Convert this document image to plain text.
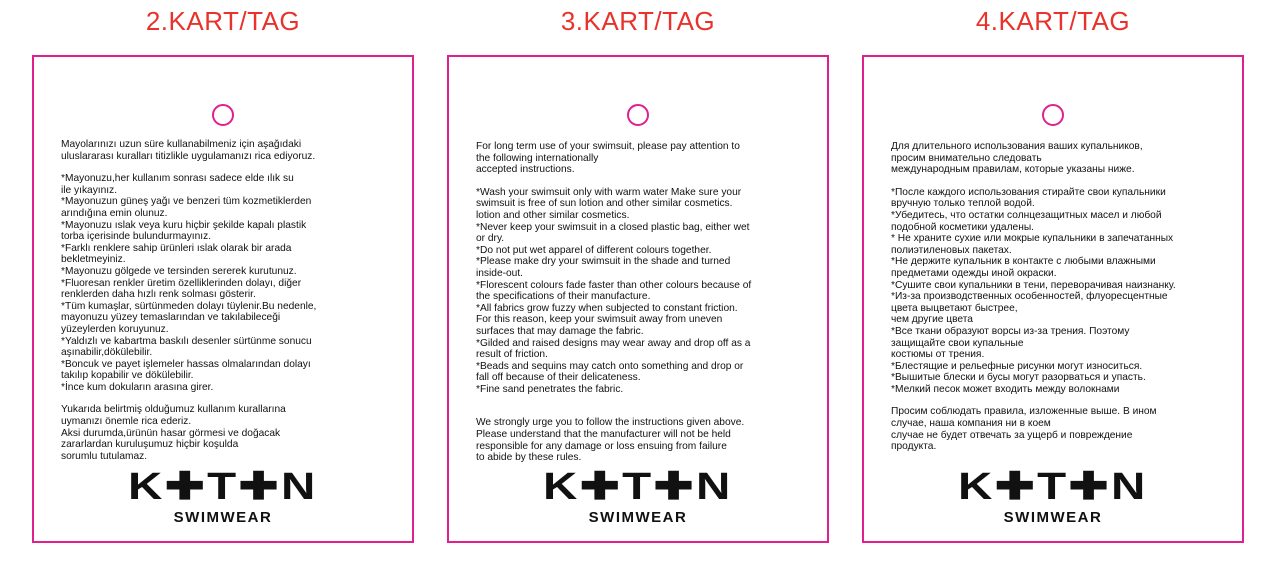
2.KART/TAG

Mayolarınızı uzun süre kullanabilmeniz için aşağıdaki
uluslararası kuralları titizlikle uygulamanızı rica ediyoruz.

*Mayonuzu,her kullanım sonrası sadece elde ılık su
ile yıkayınız.
*Mayonuzun güneş yağı ve benzeri tüm kozmetiklerden
arındığına emin olunuz.
*Mayonuzu ıslak veya kuru hiçbir şekilde kapalı plastik
torba içerisinde bulundurmayınız.
*Farklı renklere sahip ürünleri ıslak olarak bir arada
bekletmeyiniz.
*Mayonuzu gölgede ve tersinden sererek kurutunuz.
*Fluoresan renkler üretim özelliklerinden dolayı, diğer
renklerden daha hızlı renk solması gösterir.
*Tüm kumaşlar, sürtünmeden dolayı tüylenir.Bu nedenle,
mayonuzu yüzey temaslarından ve takılabileceği
yüzeylerden koruyunuz.
*Yaldızlı ve kabartma baskılı desenler sürtünme sonucu
aşınabilir,dökülebilir.
*Boncuk ve payet işlemeler hassas olmalarından dolayı
takılıp kopabilir ve dökülebilir.
*İnce kum dokuların arasına girer.

Yukarıda belirtmiş olduğumuz kullanım kurallarına
uymanızı önemle rica ederiz.
Aksi durumda,ürünün hasar görmesi ve doğacak
zararlardan kuruluşumuz hiçbir koşulda
sorumlu tutulamaz.

K✚T✚N
SWIMWEAR
3.KART/TAG

For long term use of your swimsuit, please pay attention to
the following internationally
accepted instructions.

*Wash your swimsuit only with warm water Make sure your
swimsuit is free of sun lotion and other similar cosmetics.
lotion and other similar cosmetics.
*Never keep your swimsuit in a closed plastic bag, either wet
or dry.
*Do not put wet apparel of different colours together.
*Please make dry your swimsuit in the shade and turned
inside-out.
*Florescent colours fade faster than other colours because of
the specifications of their manufacture.
*All fabrics grow fuzzy when subjected to constant friction.
For this reason, keep your swimsuit away from uneven
surfaces that may damage the fabric.
*Gilded and raised designs may wear away and drop off as a
result of friction.
*Beads and sequins may catch onto something and drop or
fall off because of their delicateness.
*Fine sand penetrates the fabric.

We strongly urge you to follow the instructions given above.
Please understand that the manufacturer will not be held
responsible for any damage or loss ensuing from failure
to abide by these rules.

K✚T✚N
SWIMWEAR
4.KART/TAG

Для длительного использования ваших купальников,
просим внимательно следовать
международным правилам, которые указаны ниже.

*После каждого использования стирайте свои купальники
вручную только теплой водой.
*Убедитесь, что остатки солнцезащитных масел и любой
подобной косметики удалены.
* Не храните сухие или мокрые купальники в запечатанных
полиэтиленовых пакетах.
*Не держите купальник в контакте с любыми влажными
предметами одежды иной окраски.
*Сушите свои купальники в тени, переворачивая наизнанку.
*Из-за производственных особенностей, флуоресцентные
цвета выцветают быстрее,
чем другие цвета
*Все ткани образуют ворсы из-за трения. Поэтому
защищайте свои купальные
костюмы от трения.
*Блестящие и рельефные рисунки могут износиться.
*Вышитые блески и бусы могут разорваться и упасть.
*Мелкий песок может входить между волокнами

Просим соблюдать правила, изложенные выше. В ином
случае, наша компания ни в коем
случае не будет отвечать за ущерб и повреждение
продукта.

K✚T✚N
SWIMWEAR
